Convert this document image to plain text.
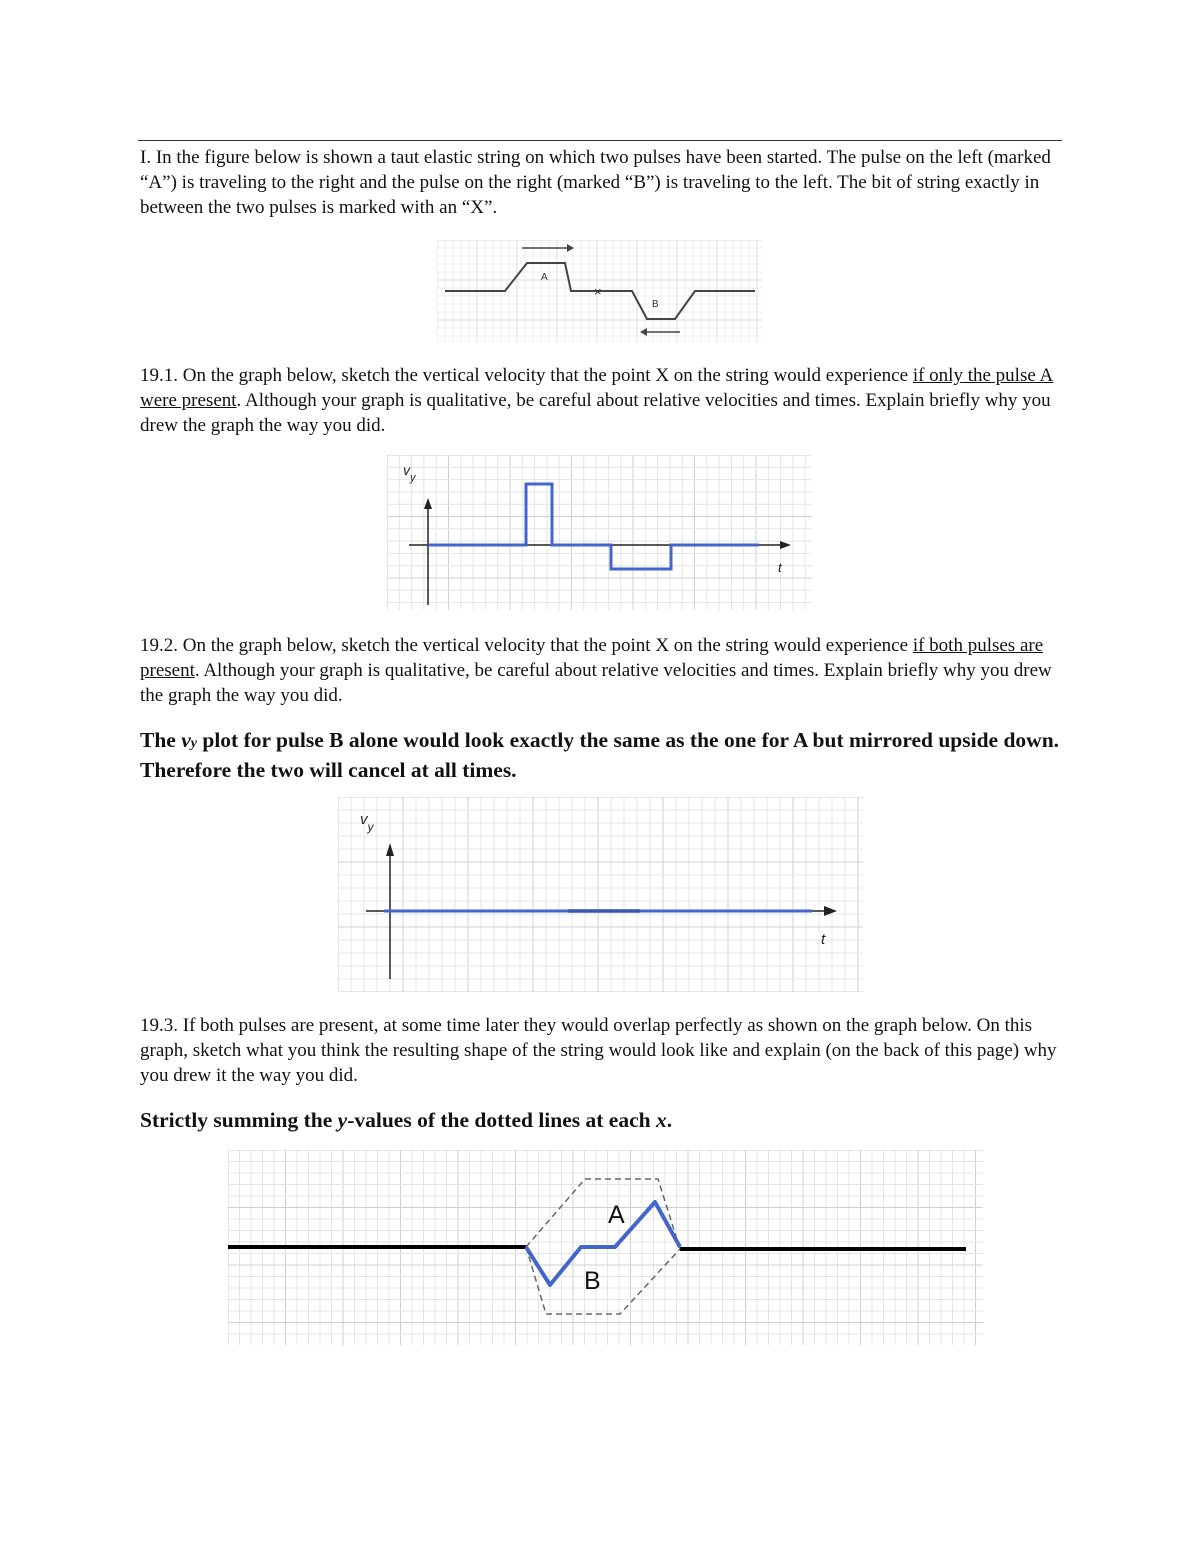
I. In the figure below is shown a taut elastic string on which two pulses have been started. The pulse on the left (marked “A”) is traveling to the right and the pulse on the right (marked “B”) is traveling to the left. The bit of string exactly in between the two pulses is marked with an “X”.
A
B
×
19.1. On the graph below, sketch the vertical velocity that the point X on the string would experience if only the pulse A were present. Although your graph is qualitative, be careful about relative velocities and times. Explain briefly why you drew the graph the way you did.
$v_y$
t
19.2. On the graph below, sketch the vertical velocity that the point X on the string would experience if both pulses are present. Although your graph is qualitative, be careful about relative velocities and times. Explain briefly why you drew the graph the way you did.
The vy plot for pulse B alone would look exactly the same as the one for A but mirrored upside down. Therefore the two will cancel at all times.
$v_y$
t
19.3. If both pulses are present, at some time later they would overlap perfectly as shown on the graph below. On this graph, sketch what you think the resulting shape of the string would look like and explain (on the back of this page) why you drew it the way you did.
Strictly summing the y-values of the dotted lines at each x.
A
B
